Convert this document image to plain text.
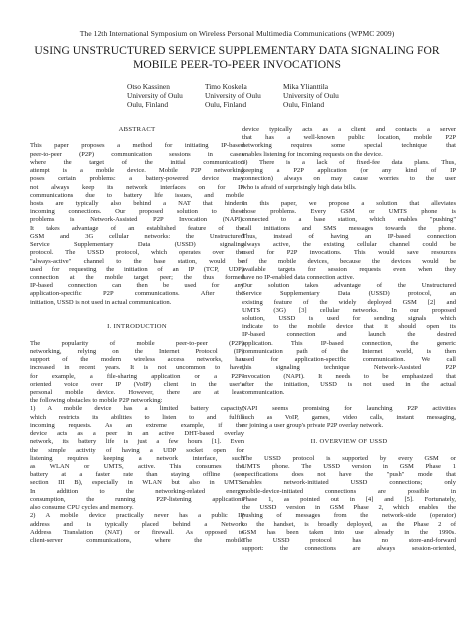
The 12th International Symposium on Wireless Personal Multimedia Communications (WPMC 2009)
USING UNSTRUCTURED SERVICE SUPPLEMENTARY DATA SIGNALING FOR
MOBILE PEER-TO-PEER INVOCATIONS
Otso Kassinen
University of Oulu
Oulu, Finland
Timo Koskela
University of Oulu
Oulu, Finland
Mika Ylianttila
University of Oulu
Oulu, Finland
ABSTRACT
This paper proposes a method for initiating IP-based
peer-to-peer (P2P) communication sessions in cases
where the target of the initial communication
attempt is a mobile device. Mobile P2P networking
poses certain problems: a battery-powered device may
not always keep its network interfaces on for IP
communications due to battery life issues, and mobile
hosts are typically also behind a NAT that hinders
incoming connections. Our proposed solution to these
problems is Network-Assisted P2P Invocation (NAPI).
It takes advantage of an established feature of the
GSM and 3G cellular networks: the Unstructured
Service Supplementary Data (USSD) signaling
protocol. The USSD protocol, which operates over the
"always-active" channel to the base station, would be
used for requesting the initiation of an IP (TCP, UDP)
connection at the mobile target peer; the thus formed
IP-based connection can then be used for any
application-specific P2P communications. After the
initiation, USSD is not used in actual communication.
I. INTRODUCTION
The popularity of mobile peer-to-peer (P2P)
networking, relying on the Internet Protocol (IP)
support of the modern wireless access networks, has
increased in recent years. It is not uncommon to have,
for example, a file-sharing application or a P2P-
oriented voice over IP (VoIP) client in the user's
personal mobile device. However, there are at least
the following obstacles to mobile P2P networking:
1) A mobile device has a limited battery capacity,
which restricts its abilities to listen to and fulfill
incoming requests. As an extreme example, if the
device acts as a peer in an active DHT-based overlay
network, its battery life is just a few hours [1]. Even
the simple activity of having a UDP socket open for
listening requires keeping a network interface, such
as WLAN or UMTS, active. This consumes the
battery at a faster rate than staying offline (see
section III B), especially in WLAN but also in UMTS.
In addition to the networking-related energy
consumption, the running P2P-listening applications
also consume CPU cycles and memory.
2) A mobile device practically never has a public IP
address and is typically placed behind a Network
Address Translation (NAT) or firewall. As opposed to
client-server communications, where the mobile
device typically acts as a client and contacts a server
that has a well-known public location, mobile P2P
networking requires some special technique that
enables listening for incoming requests on the device.
3) There is a lack of fixed-fee data plans. Thus,
keeping a P2P application (or any kind of IP
connection) always on may cause worries to the user
who is afraid of surprisingly high data bills.
In this paper, we propose a solution that alleviates
those problems. Every GSM or UMTS phone is
connected to a base station, which enables "pushing"
call initiations and SMS messages towards the phone.
Thus, instead of having an IP-based connection
always active, the existing cellular channel could be
used for P2P invocations. This would save resources
of the mobile devices, because the devices would be
available targets for session requests even when they
have no IP-enabled data connection active.
Our solution takes advantage of the Unstructured
Service Supplementary Data (USSD) protocol, an
existing feature of the widely deployed GSM [2] and
UMTS (3G) [3] cellular networks. In our proposed
solution, USSD is used for sending signals which
indicate to the mobile device that it should open its
IP-based connection and launch the desired
application. This IP-based connection, the generic
communication path of the Internet world, is then
used for application-specific communication. We call
this signaling technique Network-Assisted P2P
Invocation (NAPI). It needs to be emphasized that
after the initiation, USSD is not used in the actual
communication.
NAPI seems promising for launching P2P activities
such as VoIP, games, video calls, instant messaging,
or joining a user group's private P2P overlay network.
II. OVERVIEW OF USSD
The USSD protocol is supported by every GSM or
UMTS phone. The USSD version in GSM Phase 1
specifications does not have the "push" mode that
enables network-initiated USSD connections; only
mobile-device-initiated connections are possible in
Phase 1, as pointed out in [4] and [5]. Fortunately,
the USSD version in GSM Phase 2, which enables the
pushing of messages from the network-side (operator)
to the handset, is broadly deployed, as the Phase 2 of
GSM has been taken into use already in the 1990s.
The USSD protocol has no store-and-forward
support: the connections are always session-oriented,
